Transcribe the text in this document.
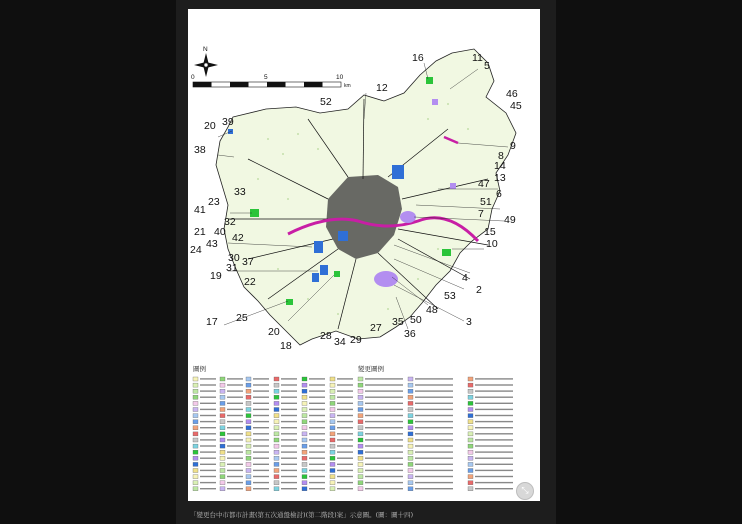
N
0	5	10
km
16	11
5
46
45
52
12
20 39
38	9
8
14
13
47
6
51
33
23
41	7 49
32
21 40 42	15
10
24 43
30 37
4
19
31
22
2
53
48
3
17 25	50
20
18
28 34 29
27 35
36
圖例	變更圖例
⤡
「變更台中市都市計畫(第五次通盤檢討)(第二階段)案」示意圖。(圖：圖十四)
